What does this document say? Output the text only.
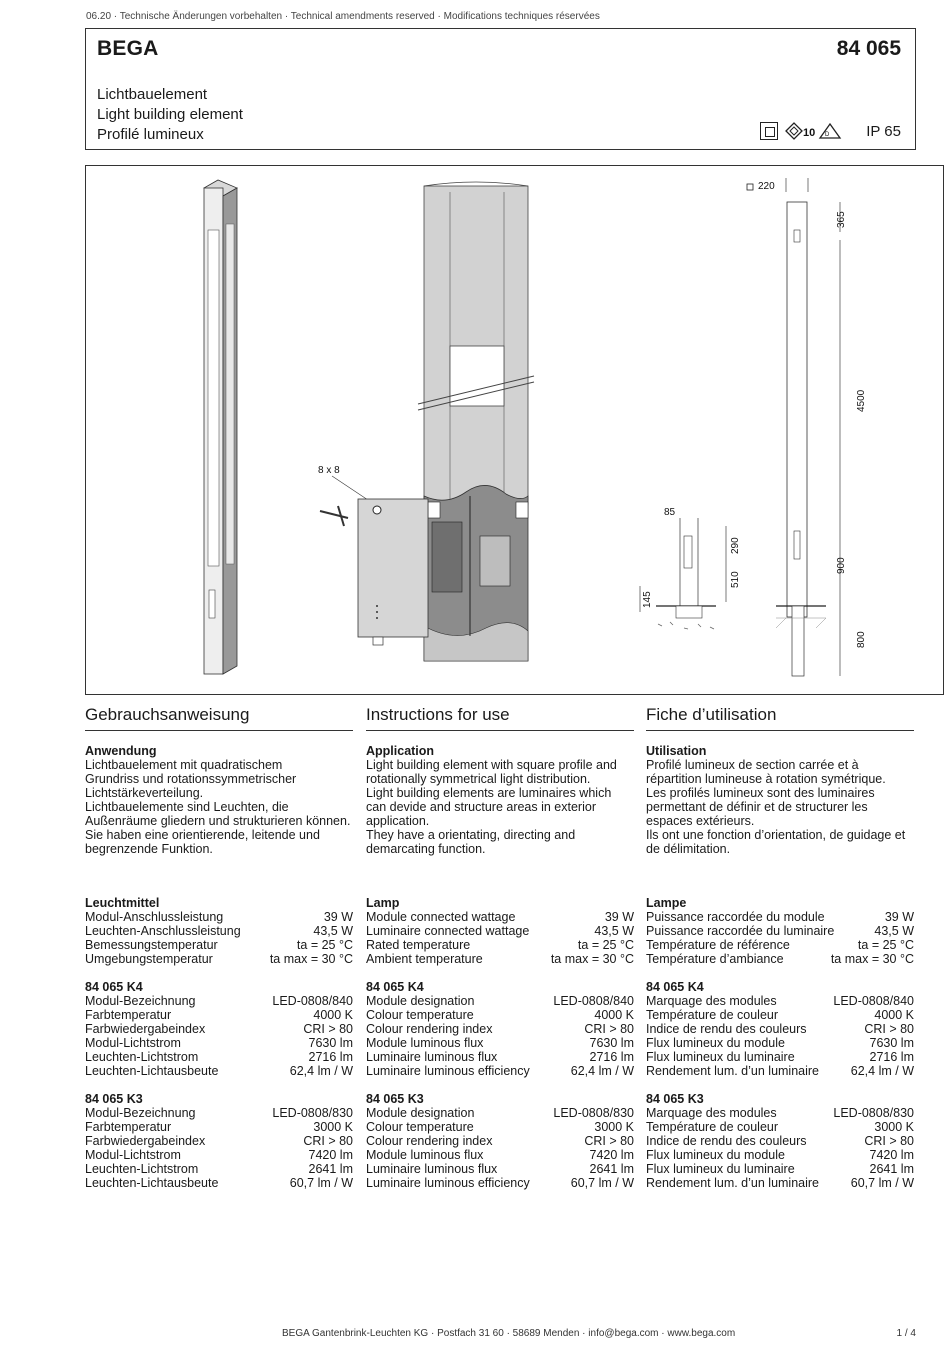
06.20 · Technische Änderungen vorbehalten · Technical amendments reserved · Modifications techniques réservées
BEGA	84 065
Lichtbauelement
Light building element
Profilé lumineux	10 D IP 65
8 x 8
220
365
4500
900
800
85
290
510
145
Gebrauchsanweisung
Anwendung
Lichtbauelement mit quadratischem
Grundriss und rotationssymmetrischer
Lichtstärkeverteilung.
Lichtbauelemente sind Leuchten, die
Außenräume gliedern und strukturieren können.
Sie haben eine orientierende, leitende und
begrenzende Funktion.
Leuchtmittel
Modul-Anschlussleistung	39 W
Leuchten-Anschlussleistung	43,5 W
Bemessungstemperatur	ta = 25 °C
Umgebungstemperatur	ta max = 30 °C
84 065 K4
Modul-Bezeichnung	LED-0808/840
Farbtemperatur	4000 K
Farbwiedergabeindex	CRI > 80
Modul-Lichtstrom	7630 lm
Leuchten-Lichtstrom	2716 lm
Leuchten-Lichtausbeute	62,4 lm / W
84 065 K3
Modul-Bezeichnung	LED-0808/830
Farbtemperatur	3000 K
Farbwiedergabeindex	CRI > 80
Modul-Lichtstrom	7420 lm
Leuchten-Lichtstrom	2641 lm
Leuchten-Lichtausbeute	60,7 lm / W
Instructions for use
Application
Light building element with square profile and
rotationally symmetrical light distribution.
Light building elements are luminaires which
can devide and structure areas in exterior
application.
They have a orientating, directing and
demarcating function.
Lamp
Module connected wattage	39 W
Luminaire connected wattage	43,5 W
Rated temperature	ta = 25 °C
Ambient temperature	ta max = 30 °C
84 065 K4
Module designation	LED-0808/840
Colour temperature	4000 K
Colour rendering index	CRI > 80
Module luminous flux	7630 lm
Luminaire luminous flux	2716 lm
Luminaire luminous efficiency	62,4 lm / W
84 065 K3
Module designation	LED-0808/830
Colour temperature	3000 K
Colour rendering index	CRI > 80
Module luminous flux	7420 lm
Luminaire luminous flux	2641 lm
Luminaire luminous efficiency	60,7 lm / W
Fiche d’utilisation
Utilisation
Profilé lumineux de section carrée et à
répartition lumineuse à rotation symétrique.
Les profilés lumineux sont des luminaires
permettant de définir et de structurer les
espaces extérieurs.
Ils ont une fonction d’orientation, de guidage et
de délimitation.
Lampe
Puissance raccordée du module	39 W
Puissance raccordée du luminaire	43,5 W
Température de référence	ta = 25 °C
Température d’ambiance	ta max = 30 °C
84 065 K4
Marquage des modules	LED-0808/840
Température de couleur	4000 K
Indice de rendu des couleurs	CRI > 80
Flux lumineux du module	7630 lm
Flux lumineux du luminaire	2716 lm
Rendement lum. d’un luminaire	62,4 lm / W
84 065 K3
Marquage des modules	LED-0808/830
Température de couleur	3000 K
Indice de rendu des couleurs	CRI > 80
Flux lumineux du module	7420 lm
Flux lumineux du luminaire	2641 lm
Rendement lum. d’un luminaire	60,7 lm / W
BEGA Gantenbrink-Leuchten KG · Postfach 31 60 · 58689 Menden · info@bega.com · www.bega.com	1 / 4
